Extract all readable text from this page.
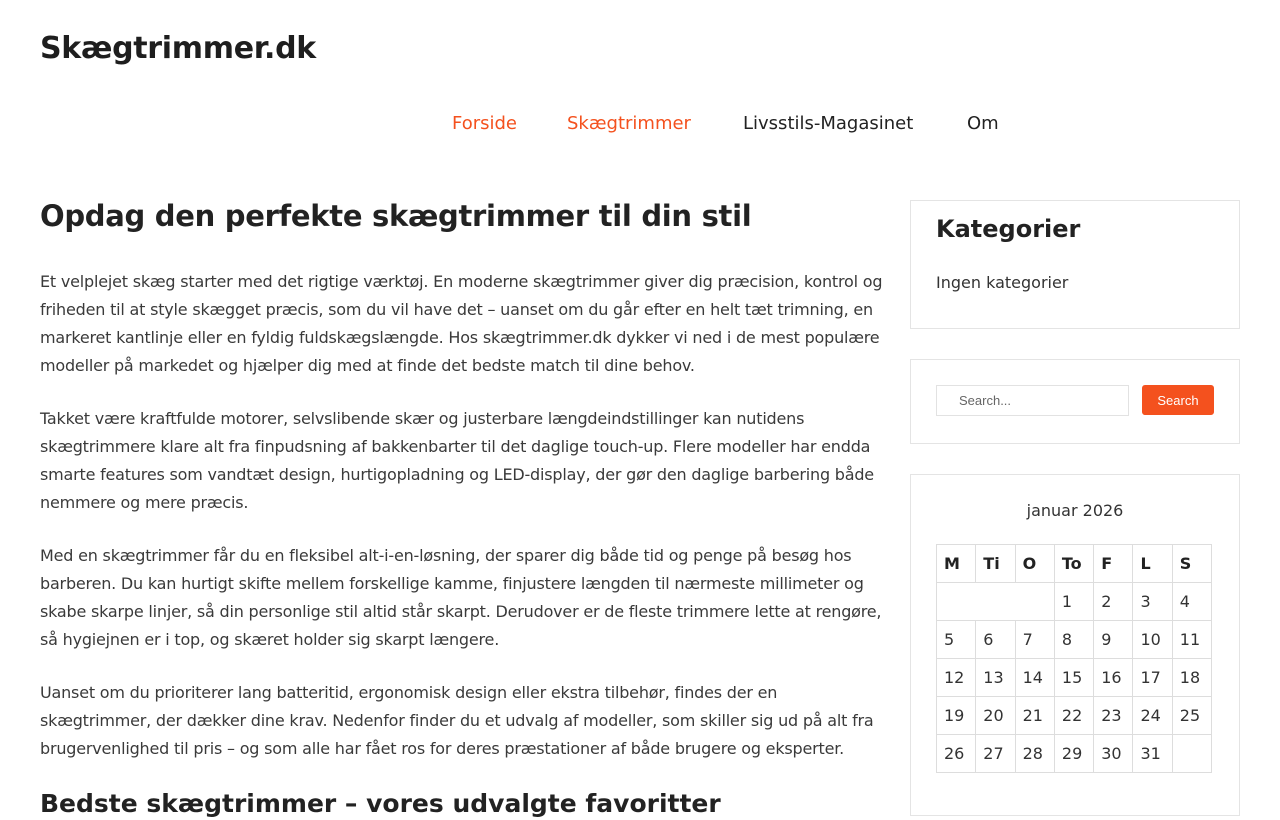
Skægtrimmer.dk
Forside	Skægtrimmer	Livsstils-Magasinet	Om
Opdag den perfekte skægtrimmer til din stil

Et velplejet skæg starter med det rigtige værktøj. En moderne skægtrimmer giver dig præcision, kontrol og friheden til at style skægget præcis, som du vil have det – uanset om du går efter en helt tæt trimning, en markeret kantlinje eller en fyldig fuldskægslængde. Hos skægtrimmer.dk dykker vi ned i de mest populære modeller på markedet og hjælper dig med at finde det bedste match til dine behov.

Takket være kraftfulde motorer, selvslibende skær og justerbare længdeindstillinger kan nutidens skægtrimmere klare alt fra finpudsning af bakkenbarter til det daglige touch-up. Flere modeller har endda smarte features som vandtæt design, hurtigopladning og LED-display, der gør den daglige barbering både nemmere og mere præcis.

Med en skægtrimmer får du en fleksibel alt-i-en-løsning, der sparer dig både tid og penge på besøg hos barberen. Du kan hurtigt skifte mellem forskellige kamme, finjustere længden til nærmeste millimeter og skabe skarpe linjer, så din personlige stil altid står skarpt. Derudover er de fleste trimmere lette at rengøre, så hygiejnen er i top, og skæret holder sig skarpt længere.

Uanset om du prioriterer lang batteritid, ergonomisk design eller ekstra tilbehør, findes der en skægtrimmer, der dækker dine krav. Nedenfor finder du et udvalg af modeller, som skiller sig ud på alt fra brugervenlighed til pris – og som alle har fået ros for deres præstationer af både brugere og eksperter.

Bedste skægtrimmer – vores udvalgte favoritter
Kategorier
Ingen kategorier
Search...
Search
januar 2026
M	Ti	O	To	F	L	S
			1	2	3	4
5	6	7	8	9	10	11
12	13	14	15	16	17	18
19	20	21	22	23	24	25
26	27	28	29	30	31	
